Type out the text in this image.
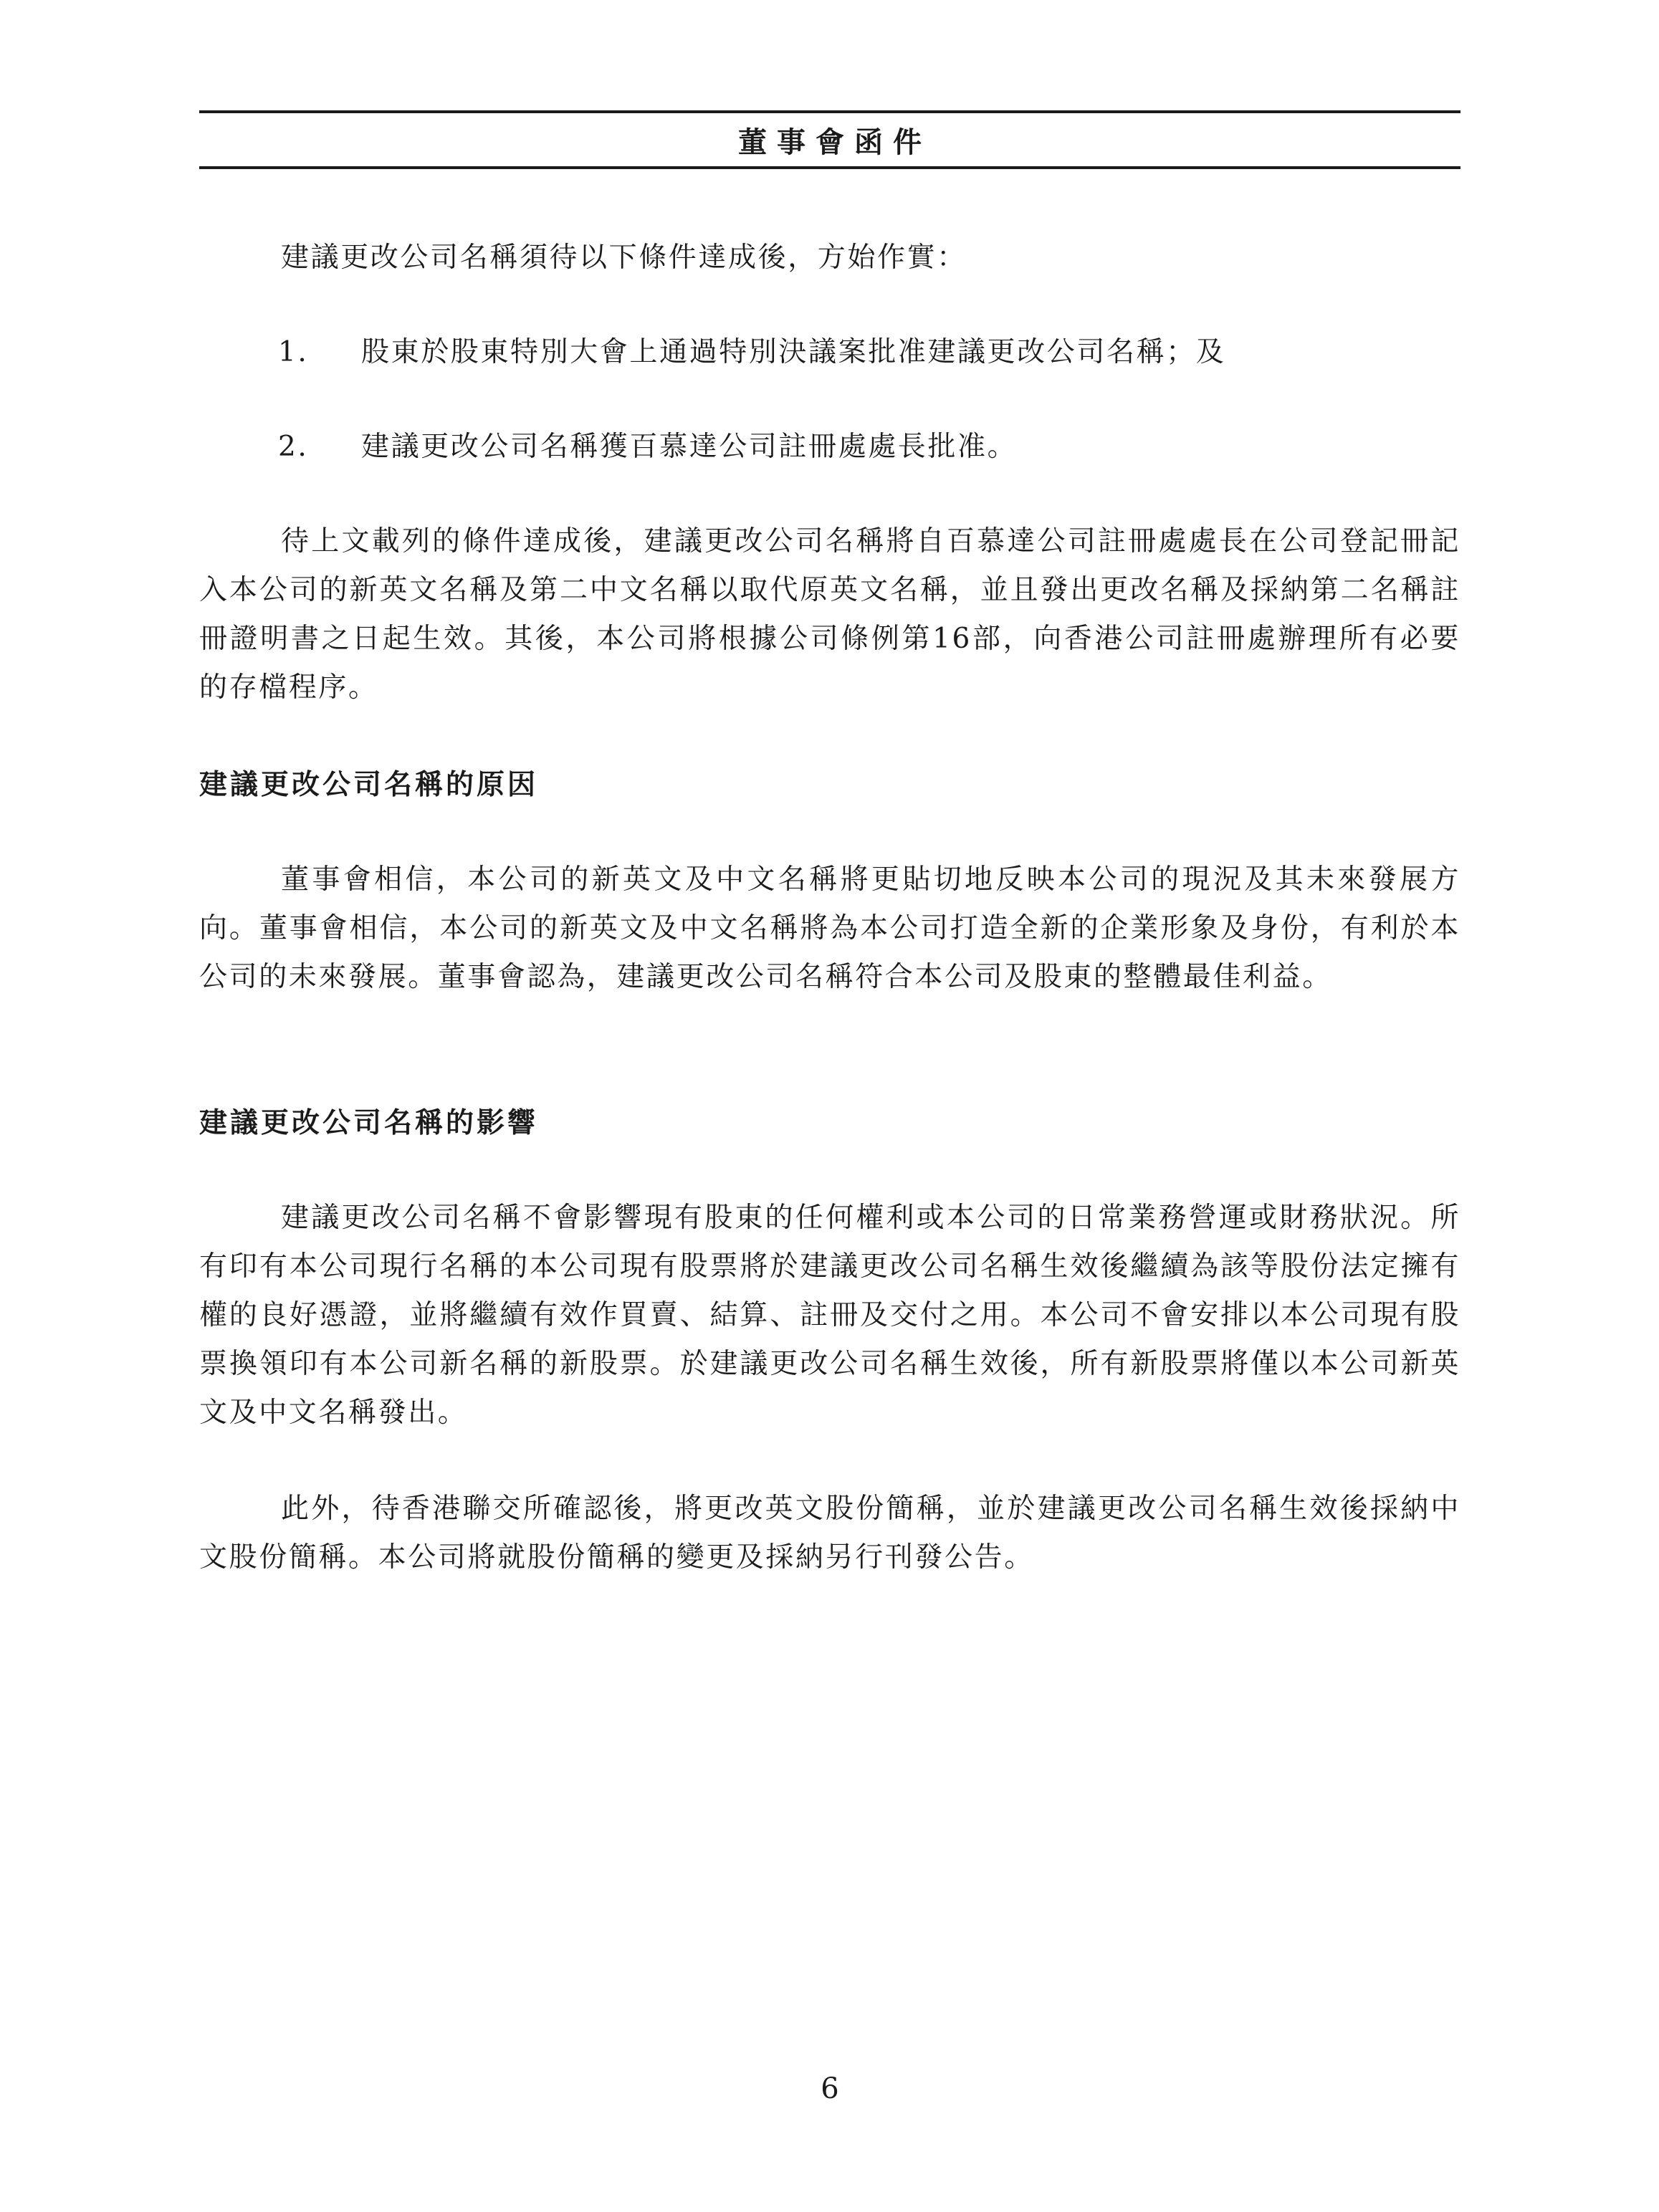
董事會函件

建議更改公司名稱須待以下條件達成後，方始作實：

1.	股東於股東特別大會上通過特別決議案批准建議更改公司名稱；及
2.	建議更改公司名稱獲百慕達公司註冊處處長批准。

待上文載列的條件達成後，建議更改公司名稱將自百慕達公司註冊處處長在公司登記冊記入本公司的新英文名稱及第二中文名稱以取代原英文名稱，並且發出更改名稱及採納第二名稱註冊證明書之日起生效。其後，本公司將根據公司條例第16部，向香港公司註冊處辦理所有必要的存檔程序。

建議更改公司名稱的原因

董事會相信，本公司的新英文及中文名稱將更貼切地反映本公司的現況及其未來發展方向。董事會相信，本公司的新英文及中文名稱將為本公司打造全新的企業形象及身份，有利於本公司的未來發展。董事會認為，建議更改公司名稱符合本公司及股東的整體最佳利益。

建議更改公司名稱的影響

建議更改公司名稱不會影響現有股東的任何權利或本公司的日常業務營運或財務狀況。所有印有本公司現行名稱的本公司現有股票將於建議更改公司名稱生效後繼續為該等股份法定擁有權的良好憑證，並將繼續有效作買賣、結算、註冊及交付之用。本公司不會安排以本公司現有股票換領印有本公司新名稱的新股票。於建議更改公司名稱生效後，所有新股票將僅以本公司新英文及中文名稱發出。

此外，待香港聯交所確認後，將更改英文股份簡稱，並於建議更改公司名稱生效後採納中文股份簡稱。本公司將就股份簡稱的變更及採納另行刊發公告。

6
